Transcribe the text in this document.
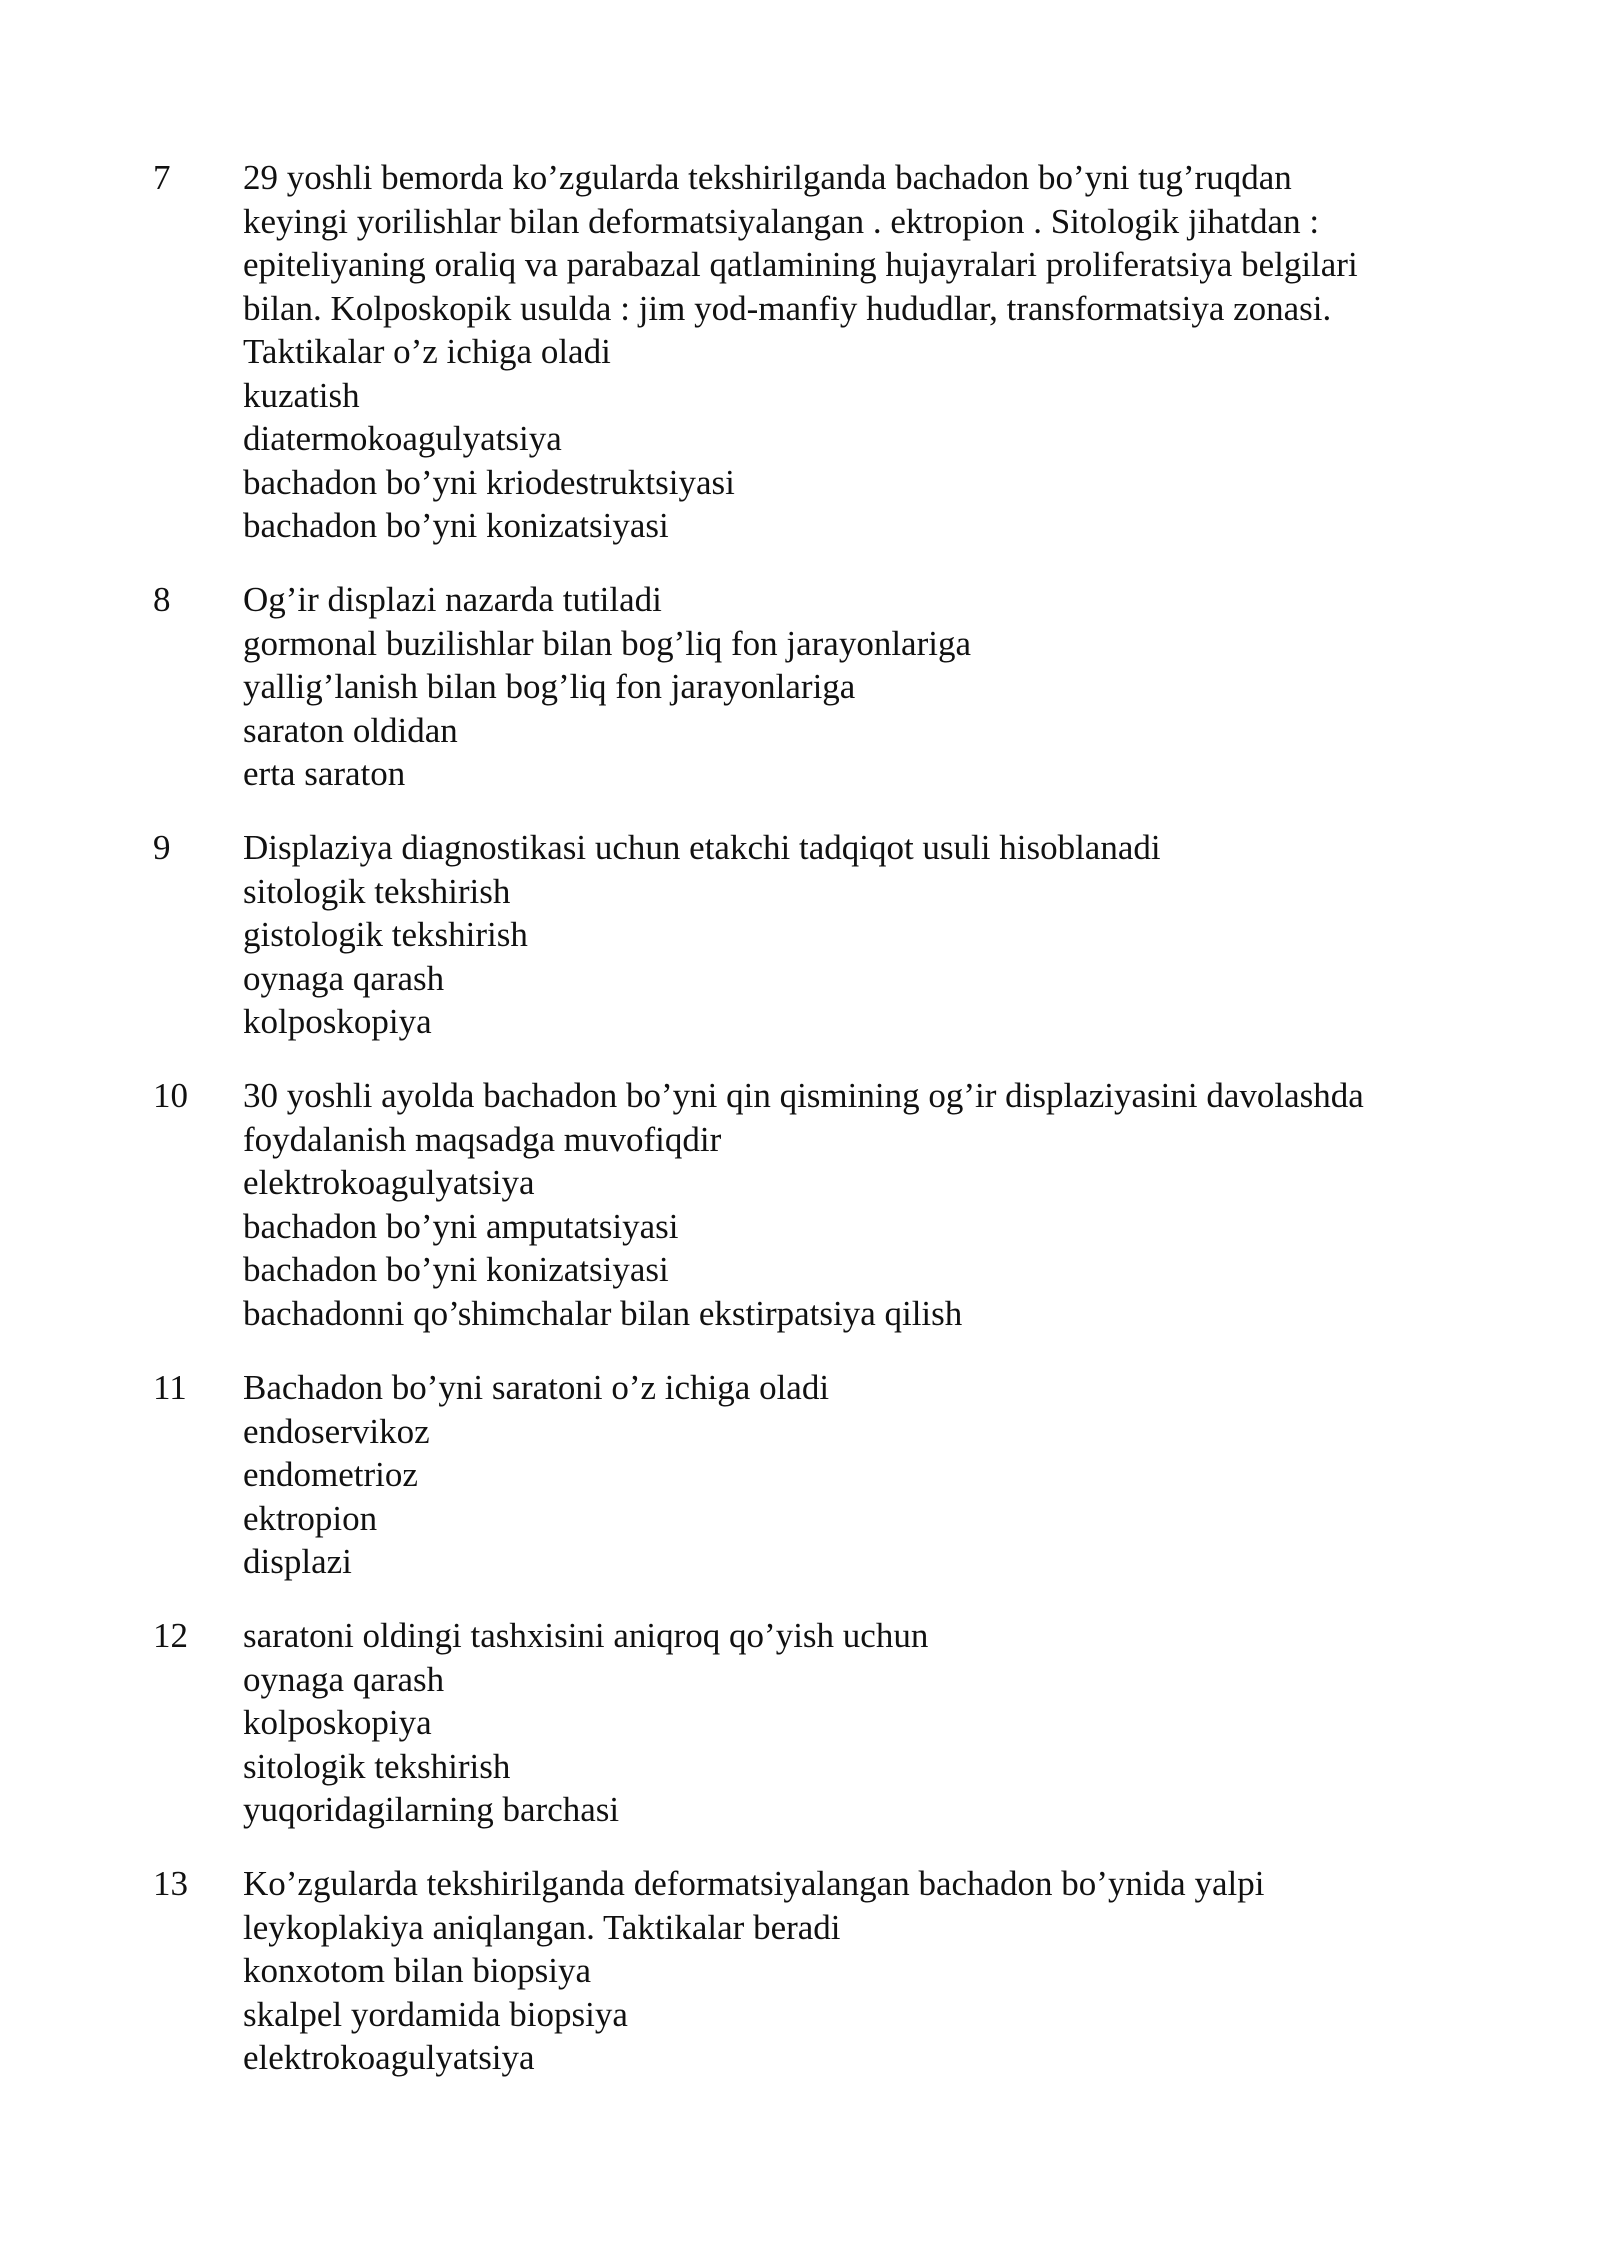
7 29 yoshli bemorda ko’zgularda tekshirilganda bachadon bo’yni tug’ruqdan
keyingi yorilishlar bilan deformatsiyalangan . ektropion . Sitologik jihatdan :
epiteliyaning oraliq va parabazal qatlamining hujayralari proliferatsiya belgilari
bilan. Kolposkopik usulda : jim yod-manfiy hududlar, transformatsiya zonasi.
Taktikalar o’z ichiga oladi
kuzatish
diatermokoagulyatsiya
bachadon bo’yni kriodestruktsiyasi
bachadon bo’yni konizatsiyasi
8 Og’ir displazi nazarda tutiladi
gormonal buzilishlar bilan bog’liq fon jarayonlariga
yallig’lanish bilan bog’liq fon jarayonlariga
saraton oldidan
erta saraton
9 Displaziya diagnostikasi uchun etakchi tadqiqot usuli hisoblanadi
sitologik tekshirish
gistologik tekshirish
oynaga qarash
kolposkopiya
10 30 yoshli ayolda bachadon bo’yni qin qismining og’ir displaziyasini davolashda
foydalanish maqsadga muvofiqdir
elektrokoagulyatsiya
bachadon bo’yni amputatsiyasi
bachadon bo’yni konizatsiyasi
bachadonni qo’shimchalar bilan ekstirpatsiya qilish
11 Bachadon bo’yni saratoni o’z ichiga oladi
endoservikoz
endometrioz
ektropion
displazi
12 saratoni oldingi tashxisini aniqroq qo’yish uchun
oynaga qarash
kolposkopiya
sitologik tekshirish
yuqoridagilarning barchasi
13 Ko’zgularda tekshirilganda deformatsiyalangan bachadon bo’ynida yalpi
leykoplakiya aniqlangan. Taktikalar beradi
konxotom bilan biopsiya
skalpel yordamida biopsiya
elektrokoagulyatsiya
